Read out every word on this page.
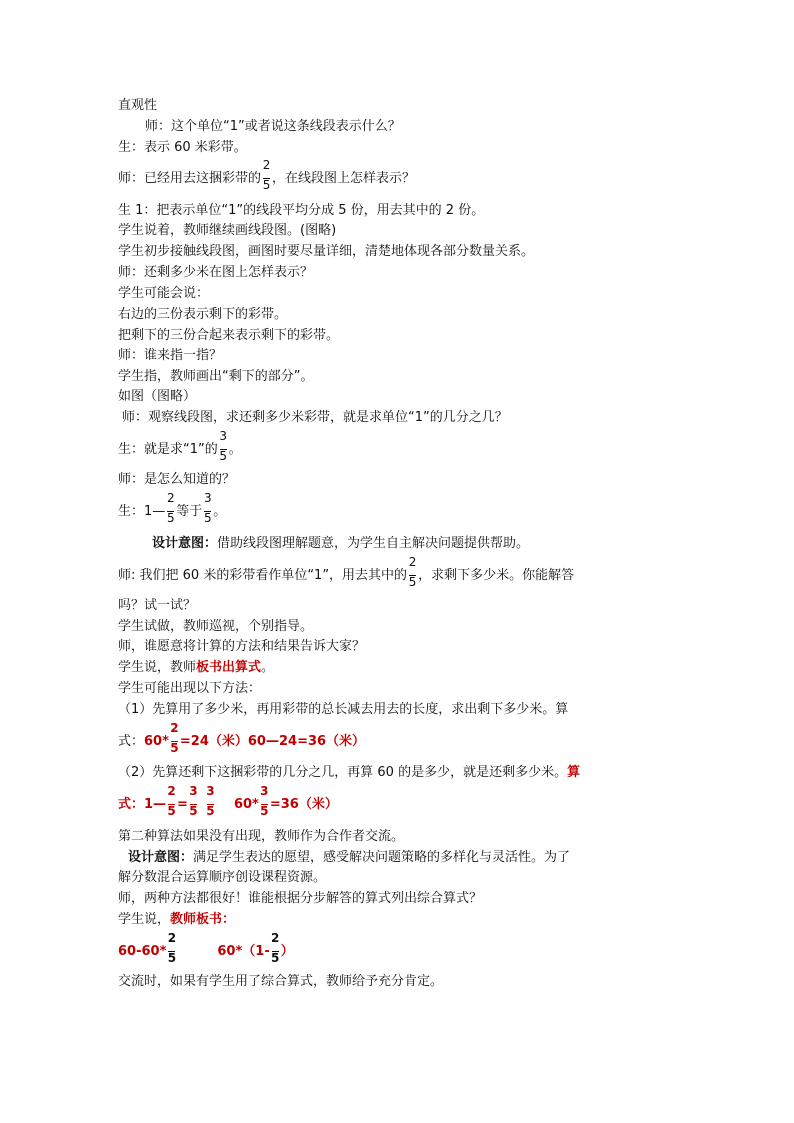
直观性
师：这个单位“1”或者说这条线段表示什么？
生：表示 60 米彩带。
师：已经用去这捆彩带的 $\frac{2}{5}$ ，在线段图上怎样表示？
生 1：把表示单位“1”的线段平均分成 5 份，用去其中的 2 份。
学生说着，教师继续画线段图。(图略)
学生初步接触线段图，画图时要尽量详细，清楚地体现各部分数量关系。
师：还剩多少米在图上怎样表示？
学生可能会说：
右边的三份表示剩下的彩带。
把剩下的三份合起来表示剩下的彩带。
师：谁来指一指？
学生指，教师画出“剩下的部分”。
如图（图略）
师：观察线段图，求还剩多少米彩带，就是求单位“1”的几分之几？
生：就是求“1”的 $\frac{3}{5}$ 。
师：是怎么知道的？
生：1— $\frac{2}{5}$ 等于 $\frac{3}{5}$ 。
设计意图：借助线段图理解题意，为学生自主解决问题提供帮助。
师: 我们把 60 米的彩带看作单位“1”，用去其中的 $\frac{2}{5}$ ，求剩下多少米。你能解答
吗？试一试？
学生试做，教师巡视，个别指导。
师，谁愿意将计算的方法和结果告诉大家？
学生说，教师板书出算式。
学生可能出现以下方法：
（1）先算用了多少米，再用彩带的总长减去用去的长度，求出剩下多少米。算
式：$60* \frac{2}{5} =24$（米）60—24=36（米）
（2）先算还剩下这捆彩带的几分之几，再算 60 的是多少，就是还剩多少米。算
式：1— $\frac{2}{5} = \frac{3}{5} \frac{3}{5} 60* \frac{3}{5} =36$（米）
第二种算法如果没有出现，教师作为合作者交流。
设计意图：满足学生表达的愿望，感受解决问题策略的多样化与灵活性。为了
解分数混合运算顺序创设课程资源。
师，两种方法都很好！谁能根据分步解答的算式列出综合算式？
学生说，教师板书：
$60-60* \frac{2}{5}$	$60*(1- \frac{2}{5}$ ）
交流时，如果有学生用了综合算式，教师给予充分肯定。
